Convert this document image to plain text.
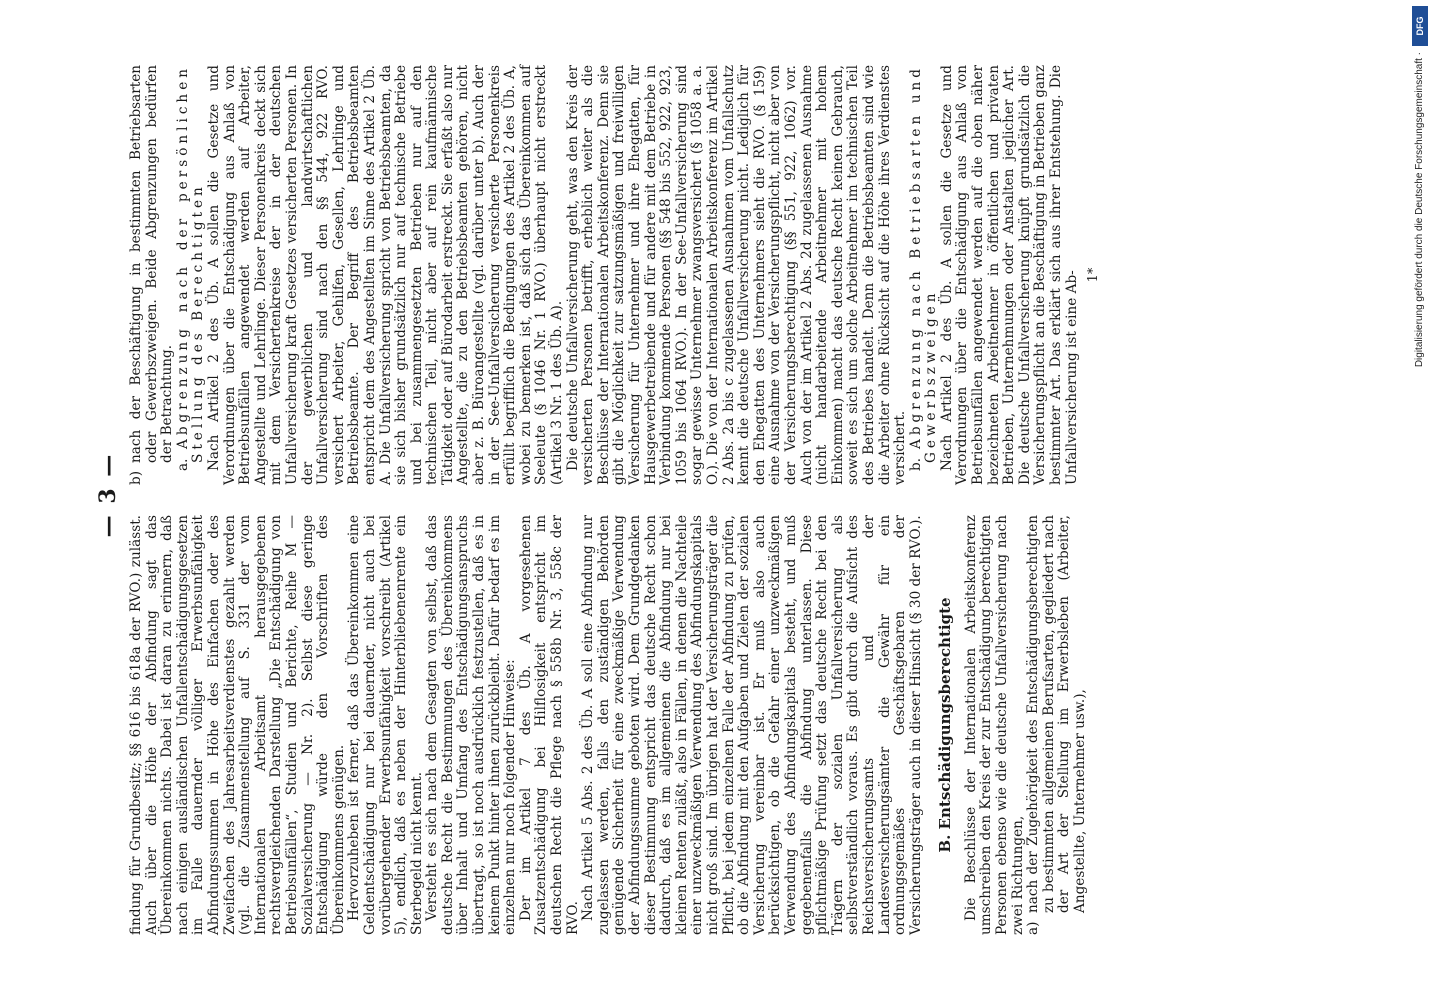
— 3 —

findung für Grundbesitz; §§ 616 bis 618a der RVO.) zulässt. Auch über die Höhe der Abfindung sagt das Übereinkommen nichts. Dabei ist daran zu erinnern, daß nach einigen ausländischen Unfallentschädigungsgesetzen im Falle dauernder völliger Erwerbsunfähigkeit Abfindungssummen in Höhe des Einfachen oder des Zweifachen des Jahresarbeitsverdienstes gezahlt werden (vgl. die Zusammenstellung auf S. 331 der vom Internationalen Arbeitsamt herausgegebenen rechtsvergleichenden Darstellung „Die Entschädigung von Betriebsunfällen“, Studien und Berichte, Reihe M — Sozialversicherung — Nr. 2). Selbst diese geringe Entschädigung würde den Vorschriften des Übereinkommens genügen. Hervorzuheben ist ferner, daß das Übereinkommen eine Geldentschädigung nur bei dauernder, nicht auch bei vorübergehender Erwerbsunfähigkeit vorschreibt (Artikel 5), endlich, daß es neben der Hinterbliebenenrente ein Sterbegeld nicht kennt. Versteht es sich nach dem Gesagten von selbst, daß das deutsche Recht die Bestimmungen des Übereinkommens über Inhalt und Umfang des Entschädigungsanspruchs übertragt, so ist noch ausdrücklich festzustellen, daß es in keinem Punkt hinter ihnen zurückbleibt. Dafür bedarf es im einzelnen nur noch folgender Hinweise: Der im Artikel 7 des Üb. A vorgesehenen Zusatzentschädigung bei Hilflosigkeit entspricht im deutschen Recht die Pflege nach § 558b Nr. 3, 558c der RVO. Nach Artikel 5 Abs. 2 des Üb. A soll eine Abfindung nur zugelassen werden, falls den zuständigen Behörden genügende Sicherheit für eine zweckmäßige Verwendung der Abfindungssumme geboten wird. Dem Grundgedanken dieser Bestimmung entspricht das deutsche Recht schon dadurch, daß es im allgemeinen die Abfindung nur bei kleinen Renten zuläßt, also in Fällen, in denen die Nachteile einer unzweckmäßigen Verwendung des Abfindungskapitals nicht groß sind. Im übrigen hat der Versicherungsträger die Pflicht, bei jedem einzelnen Falle der Abfindung zu prüfen, ob die Abfindung mit den Aufgaben und Zielen der sozialen Versicherung vereinbar ist. Er muß also auch berücksichtigen, ob die Gefahr einer unzweckmäßigen Verwendung des Abfindungskapitals besteht, und muß gegebenenfalls die Abfindung unterlassen. Diese pflichtmäßige Prüfung setzt das deutsche Recht bei den Trägern der sozialen Unfallversicherung als selbstverständlich voraus. Es gibt durch die Aufsicht des Reichsversicherungsamts und der Landesversicherungsämter die Gewähr für ein ordnungsgemäßes Geschäftsgebaren der Versicherungsträger auch in dieser Hinsicht (§ 30 der RVO.). B. Entschädigungsberechtigte Die Beschlüsse der Internationalen Arbeitskonferenz umschreiben den Kreis der zur Entschädigung berechtigten Personen ebenso wie die deutsche Unfallversicherung nach zwei Richtungen, a)
nach der Zugehörigkeit des Entschädigungsberechtigten zu bestimmten allgemeinen Berufsarten, gegliedert nach der Art der Stellung im Erwerbsleben (Arbeiter, Angestellte, Unternehmer usw.),

b)
nach der Beschäftigung in bestimmten Betriebsarten oder Gewerbszweigen. Beide Abgrenzungen bedürfen der Betrachtung.

a.
Abgrenzung nach der persönlichen Stellung des Berechtigten Nach Artikel 2 des Üb. A sollen die Gesetze und Verordnungen über die Entschädigung aus Anlaß von Betriebsunfällen angewendet werden auf Arbeiter, Angestellte und Lehrlinge. Dieser Personenkreis deckt sich mit dem Versichertenkreise der in der deutschen Unfallversicherung kraft Gesetzes versicherten Personen. In der gewerblichen und landwirtschaftlichen Unfallversicherung sind nach den §§ 544, 922 RVO. versichert Arbeiter, Gehilfen, Gesellen, Lehrlinge und Betriebsbeamte. Der Begriff des Betriebsbeamten entspricht dem des Angestellten im Sinne des Artikel 2 Üb. A. Die Unfallversicherung spricht von Betriebsbeamten, da sie sich bisher grundsätzlich nur auf technische Betriebe und bei zusammengesetzten Betrieben nur auf den technischen Teil, nicht aber auf rein kaufmännische Tätigkeit oder auf Bürodarbeit erstreckt. Sie erfaßt also nur Angestellte, die zu den Betriebsbeamten gehören, nicht aber z. B. Büroangestellte (vgl. darüber unter b). Auch der in der See-Unfallversicherung versicherte Personenkreis erfüllt begrifflich die Bedingungen des Artikel 2 des Üb. A, wobei zu bemerken ist, daß sich das Übereinkommen auf Seeleute (§ 1046 Nr. 1 RVO.) überhaupt nicht erstreckt (Artikel 3 Nr. 1 des Üb. A). Die deutsche Unfallversicherung geht, was den Kreis der versicherten Personen betrifft, erheblich weiter als die Beschlüsse der Internationalen Arbeitskonferenz. Denn sie gibt die Möglichkeit zur satzungsmäßigen und freiwilligen Versicherung für Unternehmer und ihre Ehegatten, für Hausgewerbetreibende und für andere mit dem Betriebe in Verbindung kommende Personen (§§ 548 bis 552, 922, 923, 1059 bis 1064 RVO.). In der See-Unfallversicherung sind sogar gewisse Unternehmer zwangsversichert (§ 1058 a. a. O.). Die von der Internationalen Arbeitskonferenz im Artikel 2 Abs. 2a bis c zugelassenen Ausnahmen vom Unfallschutz kennt die deutsche Unfallversicherung nicht. Lediglich für den Ehegatten des Unternehmers sieht die RVO. (§ 159) eine Ausnahme von der Versicherungspflicht, nicht aber von der Versicherungsberechtigung (§§ 551, 922, 1062) vor. Auch von der im Artikel 2 Abs. 2d zugelassenen Ausnahme (nicht handarbeitende Arbeitnehmer mit hohem Einkommen) macht das deutsche Recht keinen Gebrauch, soweit es sich um solche Arbeitnehmer im technischen Teil des Betriebes handelt. Denn die Betriebsbeamten sind wie die Arbeiter ohne Rücksicht auf die Höhe ihres Verdienstes versichert. b.
Abgrenzung nach Betriebsarten und Gewerbszweigen Nach Artikel 2 des Üb. A sollen die Gesetze und Verordnungen über die Entschädigung aus Anlaß von Betriebsunfällen angewendet werden auf die oben näher bezeichneten Arbeitnehmer in öffentlichen und privaten Betrieben, Unternehmungen oder Anstalten jeglicher Art. Die deutsche Unfallversicherung knüpft grundsätzlich die Versicherungspflicht an die Beschäftigung in Betrieben ganz bestimmter Art. Das erklärt sich aus ihrer Entstehung. Die Unfallversicherung ist eine Ab- 1*
DFG
Digitalisierung gefördert durch die Deutsche Forschungsgemeinschaft ·
